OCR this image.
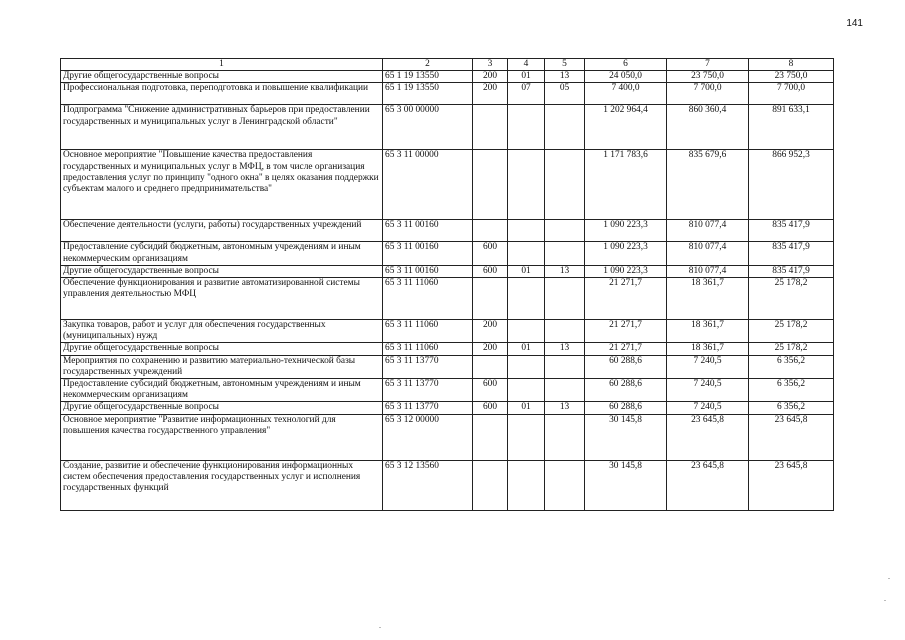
141
1	2	3	4	5	6	7	8
Другие общегосударственные вопросы	65 1 19 13550	200	01	13	24 050,0	23 750,0	23 750,0
Профессиональная подготовка, переподготовка и повышение квалификации	65 1 19 13550	200	07	05	7 400,0	7 700,0	7 700,0
Подпрограмма "Снижение административных барьеров при предоставлении государственных и муниципальных услуг в Ленинградской области"	65 3 00 00000				1 202 964,4	860 360,4	891 633,1
Основное мероприятие "Повышение качества предоставления государственных и муниципальных услуг в МФЦ, в том числе организация предоставления услуг по принципу "одного окна" в целях оказания поддержки субъектам малого и среднего предпринимательства"	65 3 11 00000				1 171 783,6	835 679,6	866 952,3
Обеспечение деятельности (услуги, работы) государственных учреждений	65 3 11 00160				1 090 223,3	810 077,4	835 417,9
Предоставление субсидий бюджетным, автономным учреждениям и иным некоммерческим организациям	65 3 11 00160	600			1 090 223,3	810 077,4	835 417,9
Другие общегосударственные вопросы	65 3 11 00160	600	01	13	1 090 223,3	810 077,4	835 417,9
Обеспечение функционирования и развитие автоматизированной системы управления деятельностью МФЦ	65 3 11 11060				21 271,7	18 361,7	25 178,2
Закупка товаров, работ и услуг для обеспечения государственных (муниципальных) нужд	65 3 11 11060	200			21 271,7	18 361,7	25 178,2
Другие общегосударственные вопросы	65 3 11 11060	200	01	13	21 271,7	18 361,7	25 178,2
Мероприятия по сохранению и развитию материально-технической базы государственных учреждений	65 3 11 13770				60 288,6	7 240,5	6 356,2
Предоставление субсидий бюджетным, автономным учреждениям и иным некоммерческим организациям	65 3 11 13770	600			60 288,6	7 240,5	6 356,2
Другие общегосударственные вопросы	65 3 11 13770	600	01	13	60 288,6	7 240,5	6 356,2
Основное мероприятие "Развитие информационных технологий для повышения качества государственного управления"	65 3 12 00000				30 145,8	23 645,8	23 645,8
Создание, развитие и обеспечение функционирования информационных систем обеспечения предоставления государственных услуг и исполнения государственных функций	65 3 12 13560				30 145,8	23 645,8	23 645,8
